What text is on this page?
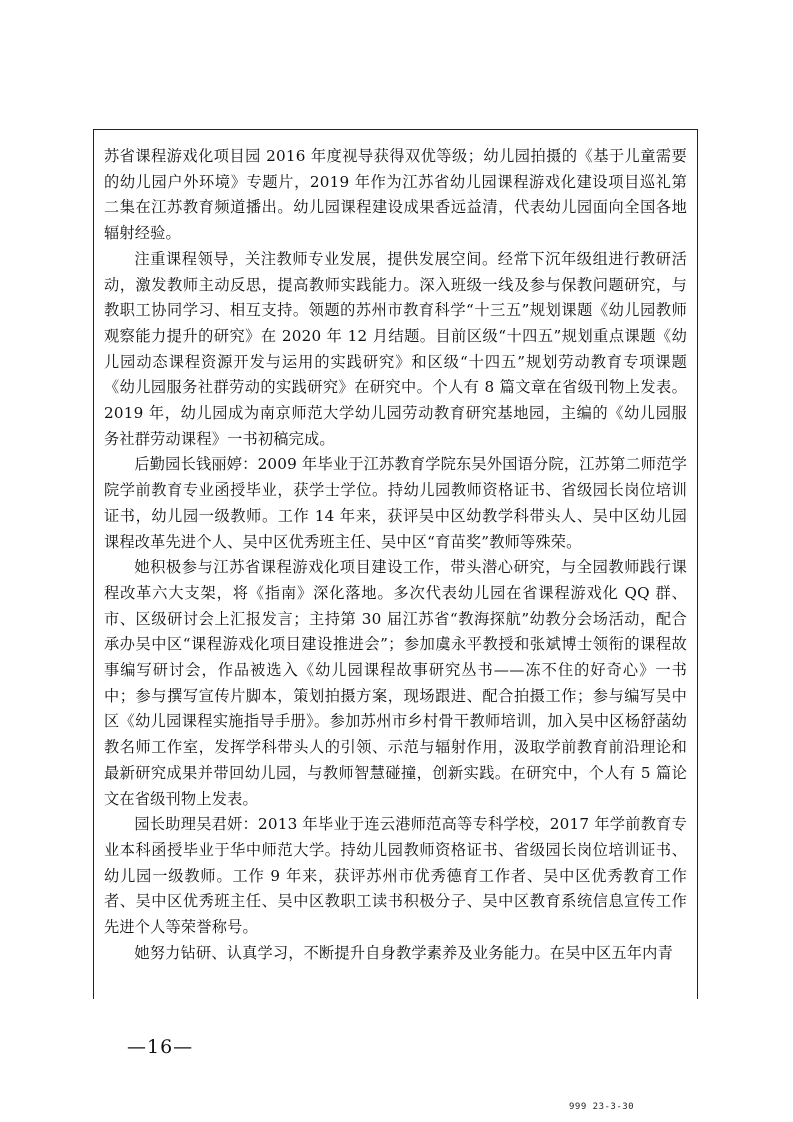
苏省课程游戏化项目园 2016 年度视导获得双优等级；幼儿园拍摄的《基于儿童需要的幼儿园户外环境》专题片，2019 年作为江苏省幼儿园课程游戏化建设项目巡礼第二集在江苏教育频道播出。幼儿园课程建设成果香远益清，代表幼儿园面向全国各地辐射经验。

注重课程领导，关注教师专业发展，提供发展空间。经常下沉年级组进行教研活动，激发教师主动反思，提高教师实践能力。深入班级一线及参与保教问题研究，与教职工协同学习、相互支持。领题的苏州市教育科学“十三五”规划课题《幼儿园教师观察能力提升的研究》在 2020 年 12 月结题。目前区级“十四五”规划重点课题《幼儿园动态课程资源开发与运用的实践研究》和区级“十四五”规划劳动教育专项课题《幼儿园服务社群劳动的实践研究》在研究中。个人有 8 篇文章在省级刊物上发表。2019 年，幼儿园成为南京师范大学幼儿园劳动教育研究基地园，主编的《幼儿园服务社群劳动课程》一书初稿完成。

后勤园长钱丽婷：2009 年毕业于江苏教育学院东吴外国语分院，江苏第二师范学院学前教育专业函授毕业，获学士学位。持幼儿园教师资格证书、省级园长岗位培训证书，幼儿园一级教师。工作 14 年来，获评吴中区幼教学科带头人、吴中区幼儿园课程改革先进个人、吴中区优秀班主任、吴中区“育苗奖”教师等殊荣。

她积极参与江苏省课程游戏化项目建设工作，带头潜心研究，与全园教师践行课程改革六大支架，将《指南》深化落地。多次代表幼儿园在省课程游戏化 QQ 群、市、区级研讨会上汇报发言；主持第 30 届江苏省“教海探航”幼教分会场活动，配合承办吴中区“课程游戏化项目建设推进会”；参加虞永平教授和张斌博士领衔的课程故事编写研讨会，作品被选入《幼儿园课程故事研究丛书——冻不住的好奇心》一书中；参与撰写宣传片脚本，策划拍摄方案，现场跟进、配合拍摄工作；参与编写吴中区《幼儿园课程实施指导手册》。参加苏州市乡村骨干教师培训，加入吴中区杨舒菡幼教名师工作室，发挥学科带头人的引领、示范与辐射作用，汲取学前教育前沿理论和最新研究成果并带回幼儿园，与教师智慧碰撞，创新实践。在研究中，个人有 5 篇论文在省级刊物上发表。

园长助理吴君妍：2013 年毕业于连云港师范高等专科学校，2017 年学前教育专业本科函授毕业于华中师范大学。持幼儿园教师资格证书、省级园长岗位培训证书、幼儿园一级教师。工作 9 年来，获评苏州市优秀德育工作者、吴中区优秀教育工作者、吴中区优秀班主任、吴中区教职工读书积极分子、吴中区教育系统信息宣传工作先进个人等荣誉称号。

她努力钻研、认真学习，不断提升自身教学素养及业务能力。在吴中区五年内青

—16—
999 23-3-30
